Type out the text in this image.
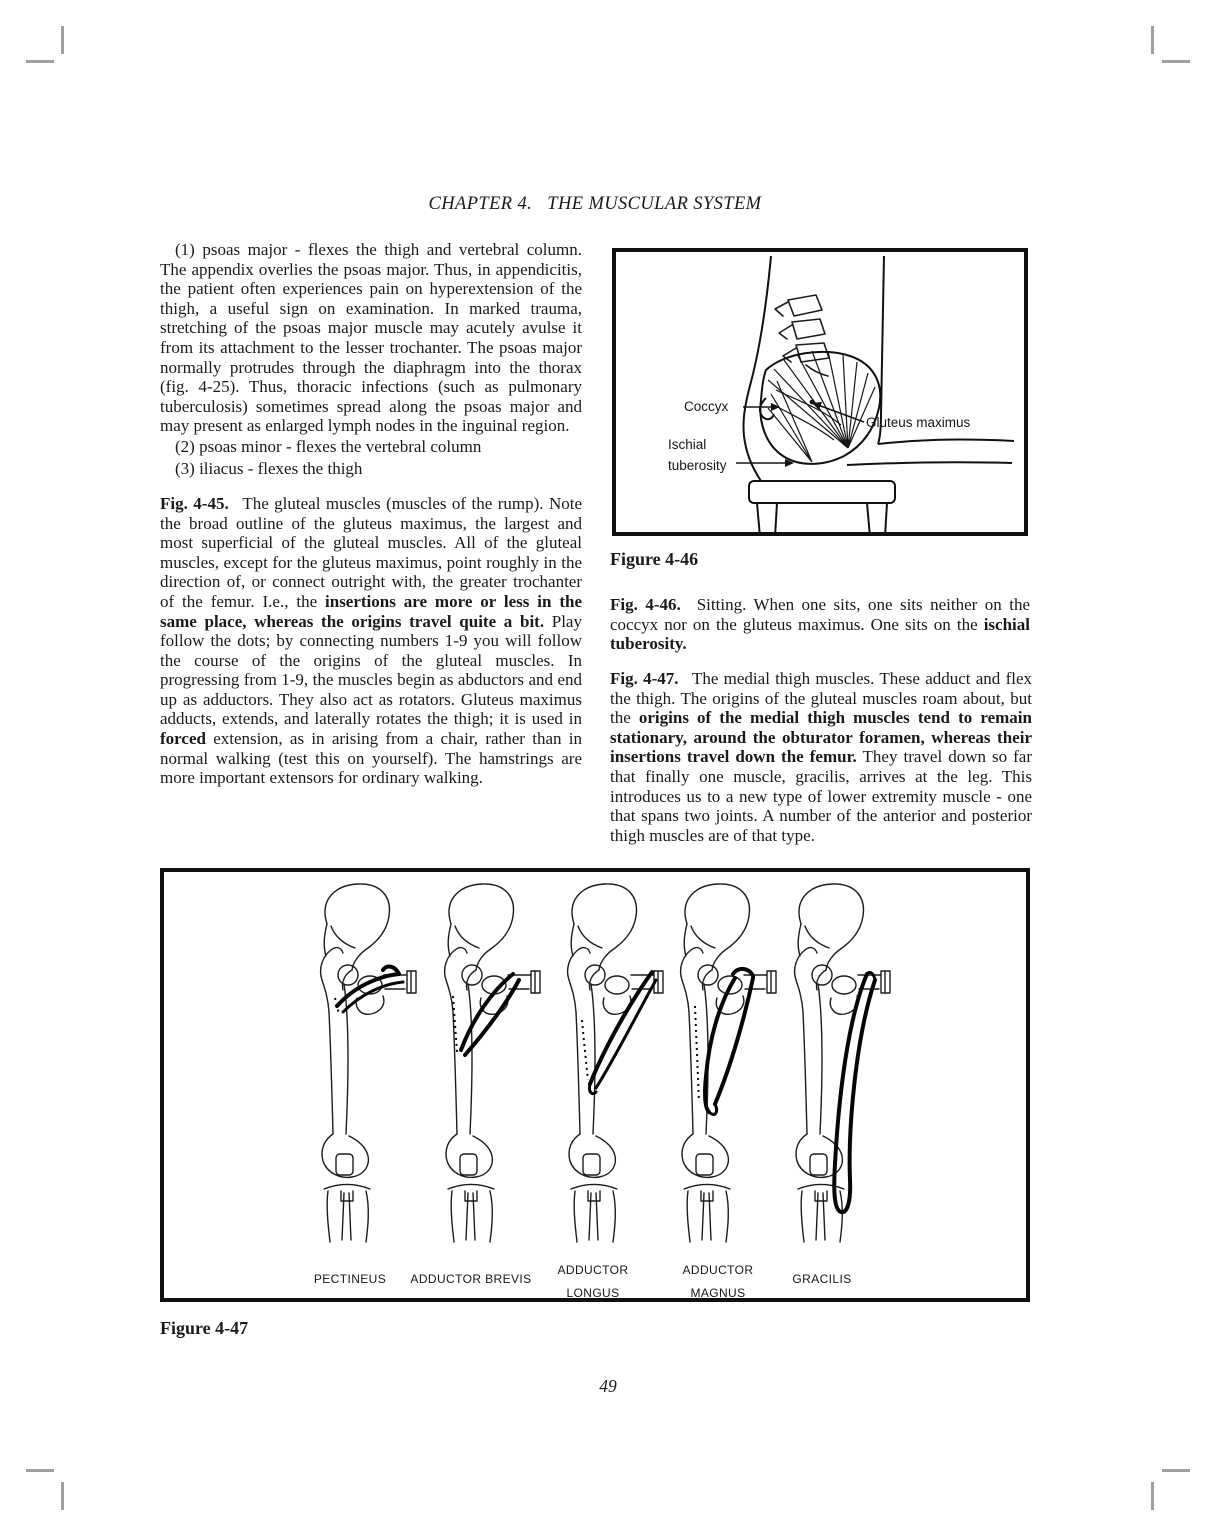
CHAPTER 4.   THE MUSCULAR SYSTEM

(1) psoas major - flexes the thigh and vertebral column. The appendix overlies the psoas major. Thus, in appendicitis, the patient often experiences pain on hyperextension of the thigh, a useful sign on examination. In marked trauma, stretching of the psoas major muscle may acutely avulse it from its attachment to the lesser trochanter. The psoas major normally protrudes through the diaphragm into the thorax (fig. 4-25). Thus, thoracic infections (such as pulmonary tuberculosis) sometimes spread along the psoas major and may present as enlarged lymph nodes in the inguinal region.

(2) psoas minor - flexes the vertebral column

(3) iliacus - flexes the thigh

Fig. 4-45.  The gluteal muscles (muscles of the rump). Note the broad outline of the gluteus maximus, the largest and most superficial of the gluteal muscles. All of the gluteal muscles, except for the gluteus maximus, point roughly in the direction of, or connect outright with, the greater trochanter of the femur. I.e., the insertions are more or less in the same place, whereas the origins travel quite a bit. Play follow the dots; by connecting numbers 1-9 you will follow the course of the origins of the gluteal muscles. In progressing from 1-9, the muscles begin as abductors and end up as adductors. They also act as rotators. Gluteus maximus adducts, extends, and laterally rotates the thigh; it is used in forced extension, as in arising from a chair, rather than in normal walking (test this on yourself). The hamstrings are more important extensors for ordinary walking.

Coccyx
Gluteus maximus
Ischial tuberosity
Figure 4-46

Fig. 4-46.  Sitting. When one sits, one sits neither on the coccyx nor on the gluteus maximus. One sits on the ischial tuberosity.

Fig. 4-47.  The medial thigh muscles. These adduct and flex the thigh. The origins of the gluteal muscles roam about, but the origins of the medial thigh muscles tend to remain stationary, around the obturator foramen, whereas their insertions travel down the femur. They travel down so far that finally one muscle, gracilis, arrives at the leg. This introduces us to a new type of lower extremity muscle - one that spans two joints. A number of the anterior and posterior thigh muscles are of that type.

PECTINEUS	ADDUCTOR BREVIS
ADDUCTOR LONGUS
ADDUCTOR MAGNUS
GRACILIS
Figure 4-47
49
